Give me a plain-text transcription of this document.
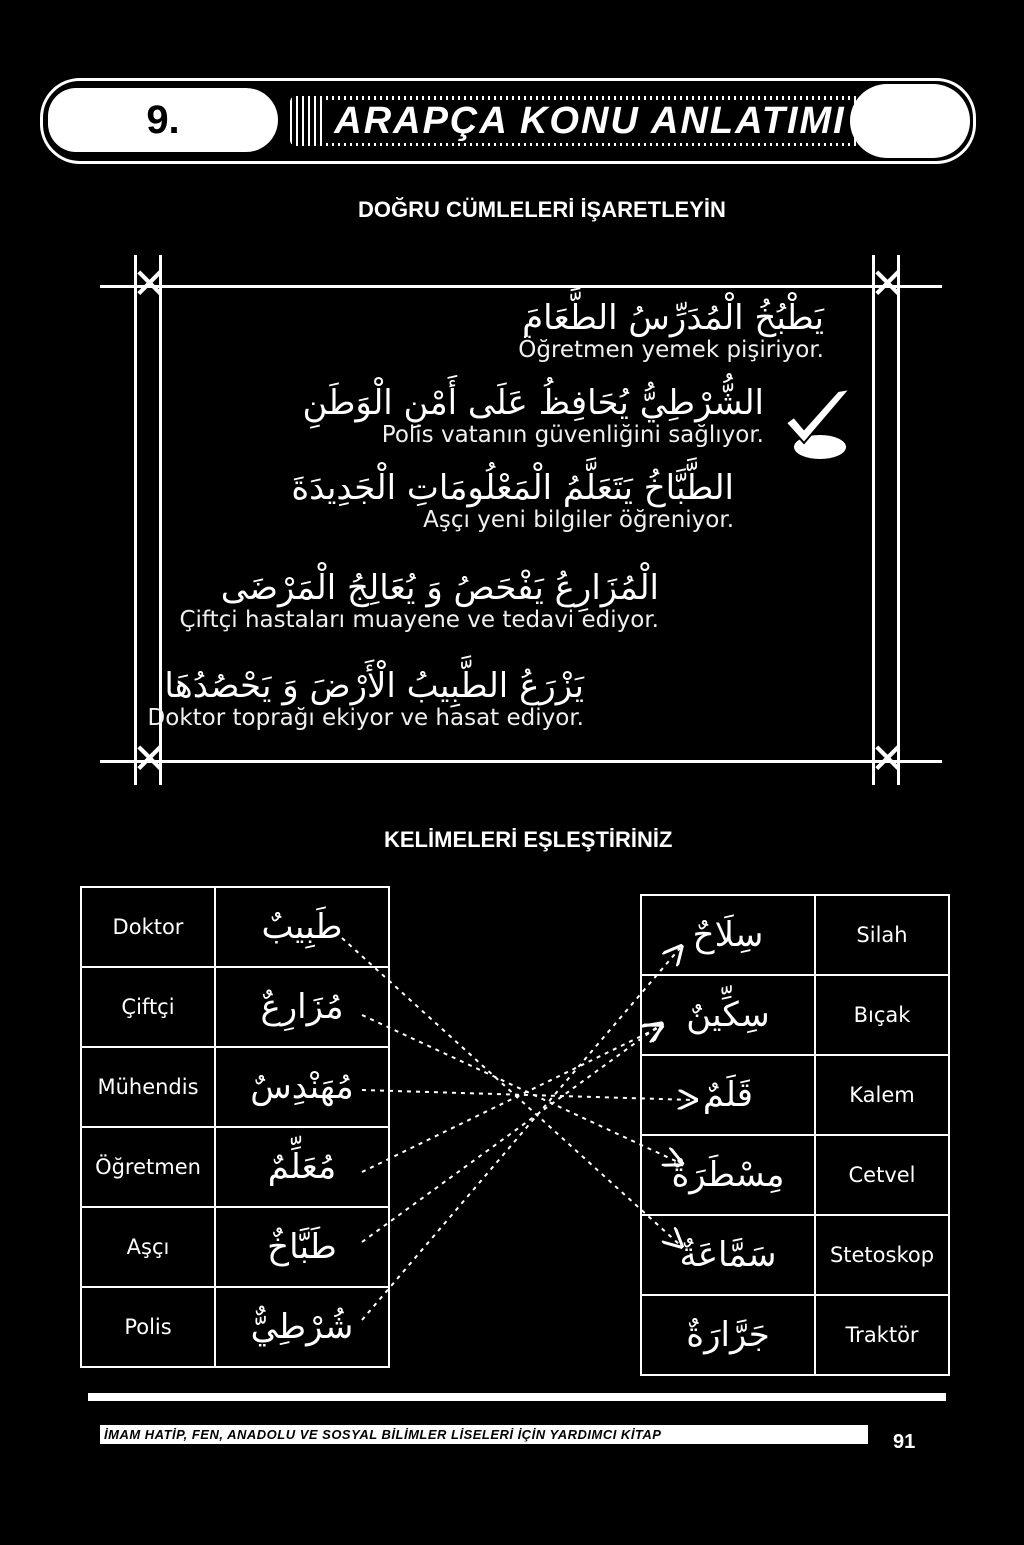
9.	ARAPÇA KONU ANLATIMI
DOĞRU CÜMLELERİ İŞARETLEYİN
✕	✕
✕	✕
يَطْبُخُ الْمُدَرِّسُ الطَّعَامَ
Öğretmen yemek pişiriyor.
الشُّرْطِيُّ يُحَافِظُ عَلَى أَمْنِ الْوَطَنِ
Polis vatanın güvenliğini sağlıyor.
الطَّبَّاخُ يَتَعَلَّمُ الْمَعْلُومَاتِ الْجَدِيدَةَ
Aşçı yeni bilgiler öğreniyor.
الْمُزَارِعُ يَفْحَصُ وَ يُعَالِجُ الْمَرْضَى
Çiftçi hastaları muayene ve tedavi ediyor.
يَزْرَعُ الطَّبِيبُ الْأَرْضَ وَ يَحْصُدُهَا
Doktor toprağı ekiyor ve hasat ediyor.
KELİMELERİ EŞLEŞTİRİNİZ
Doktor	طَبِيبٌ
Çiftçi	مُزَارِعٌ
Mühendis	مُهَنْدِسٌ
Öğretmen	مُعَلِّمٌ
Aşçı	طَبَّاخٌ
Polis	شُرْطِيٌّ
سِلَاحٌ	Silah
سِكِّينٌ	Bıçak
قَلَمٌ	Kalem
مِسْطَرَةٌ	Cetvel
سَمَّاعَةٌ	Stetoskop
جَرَّارَةٌ	Traktör
İMAM HATİP, FEN, ANADOLU VE SOSYAL BİLİMLER LİSELERİ İÇİN YARDIMCI KİTAP	91
